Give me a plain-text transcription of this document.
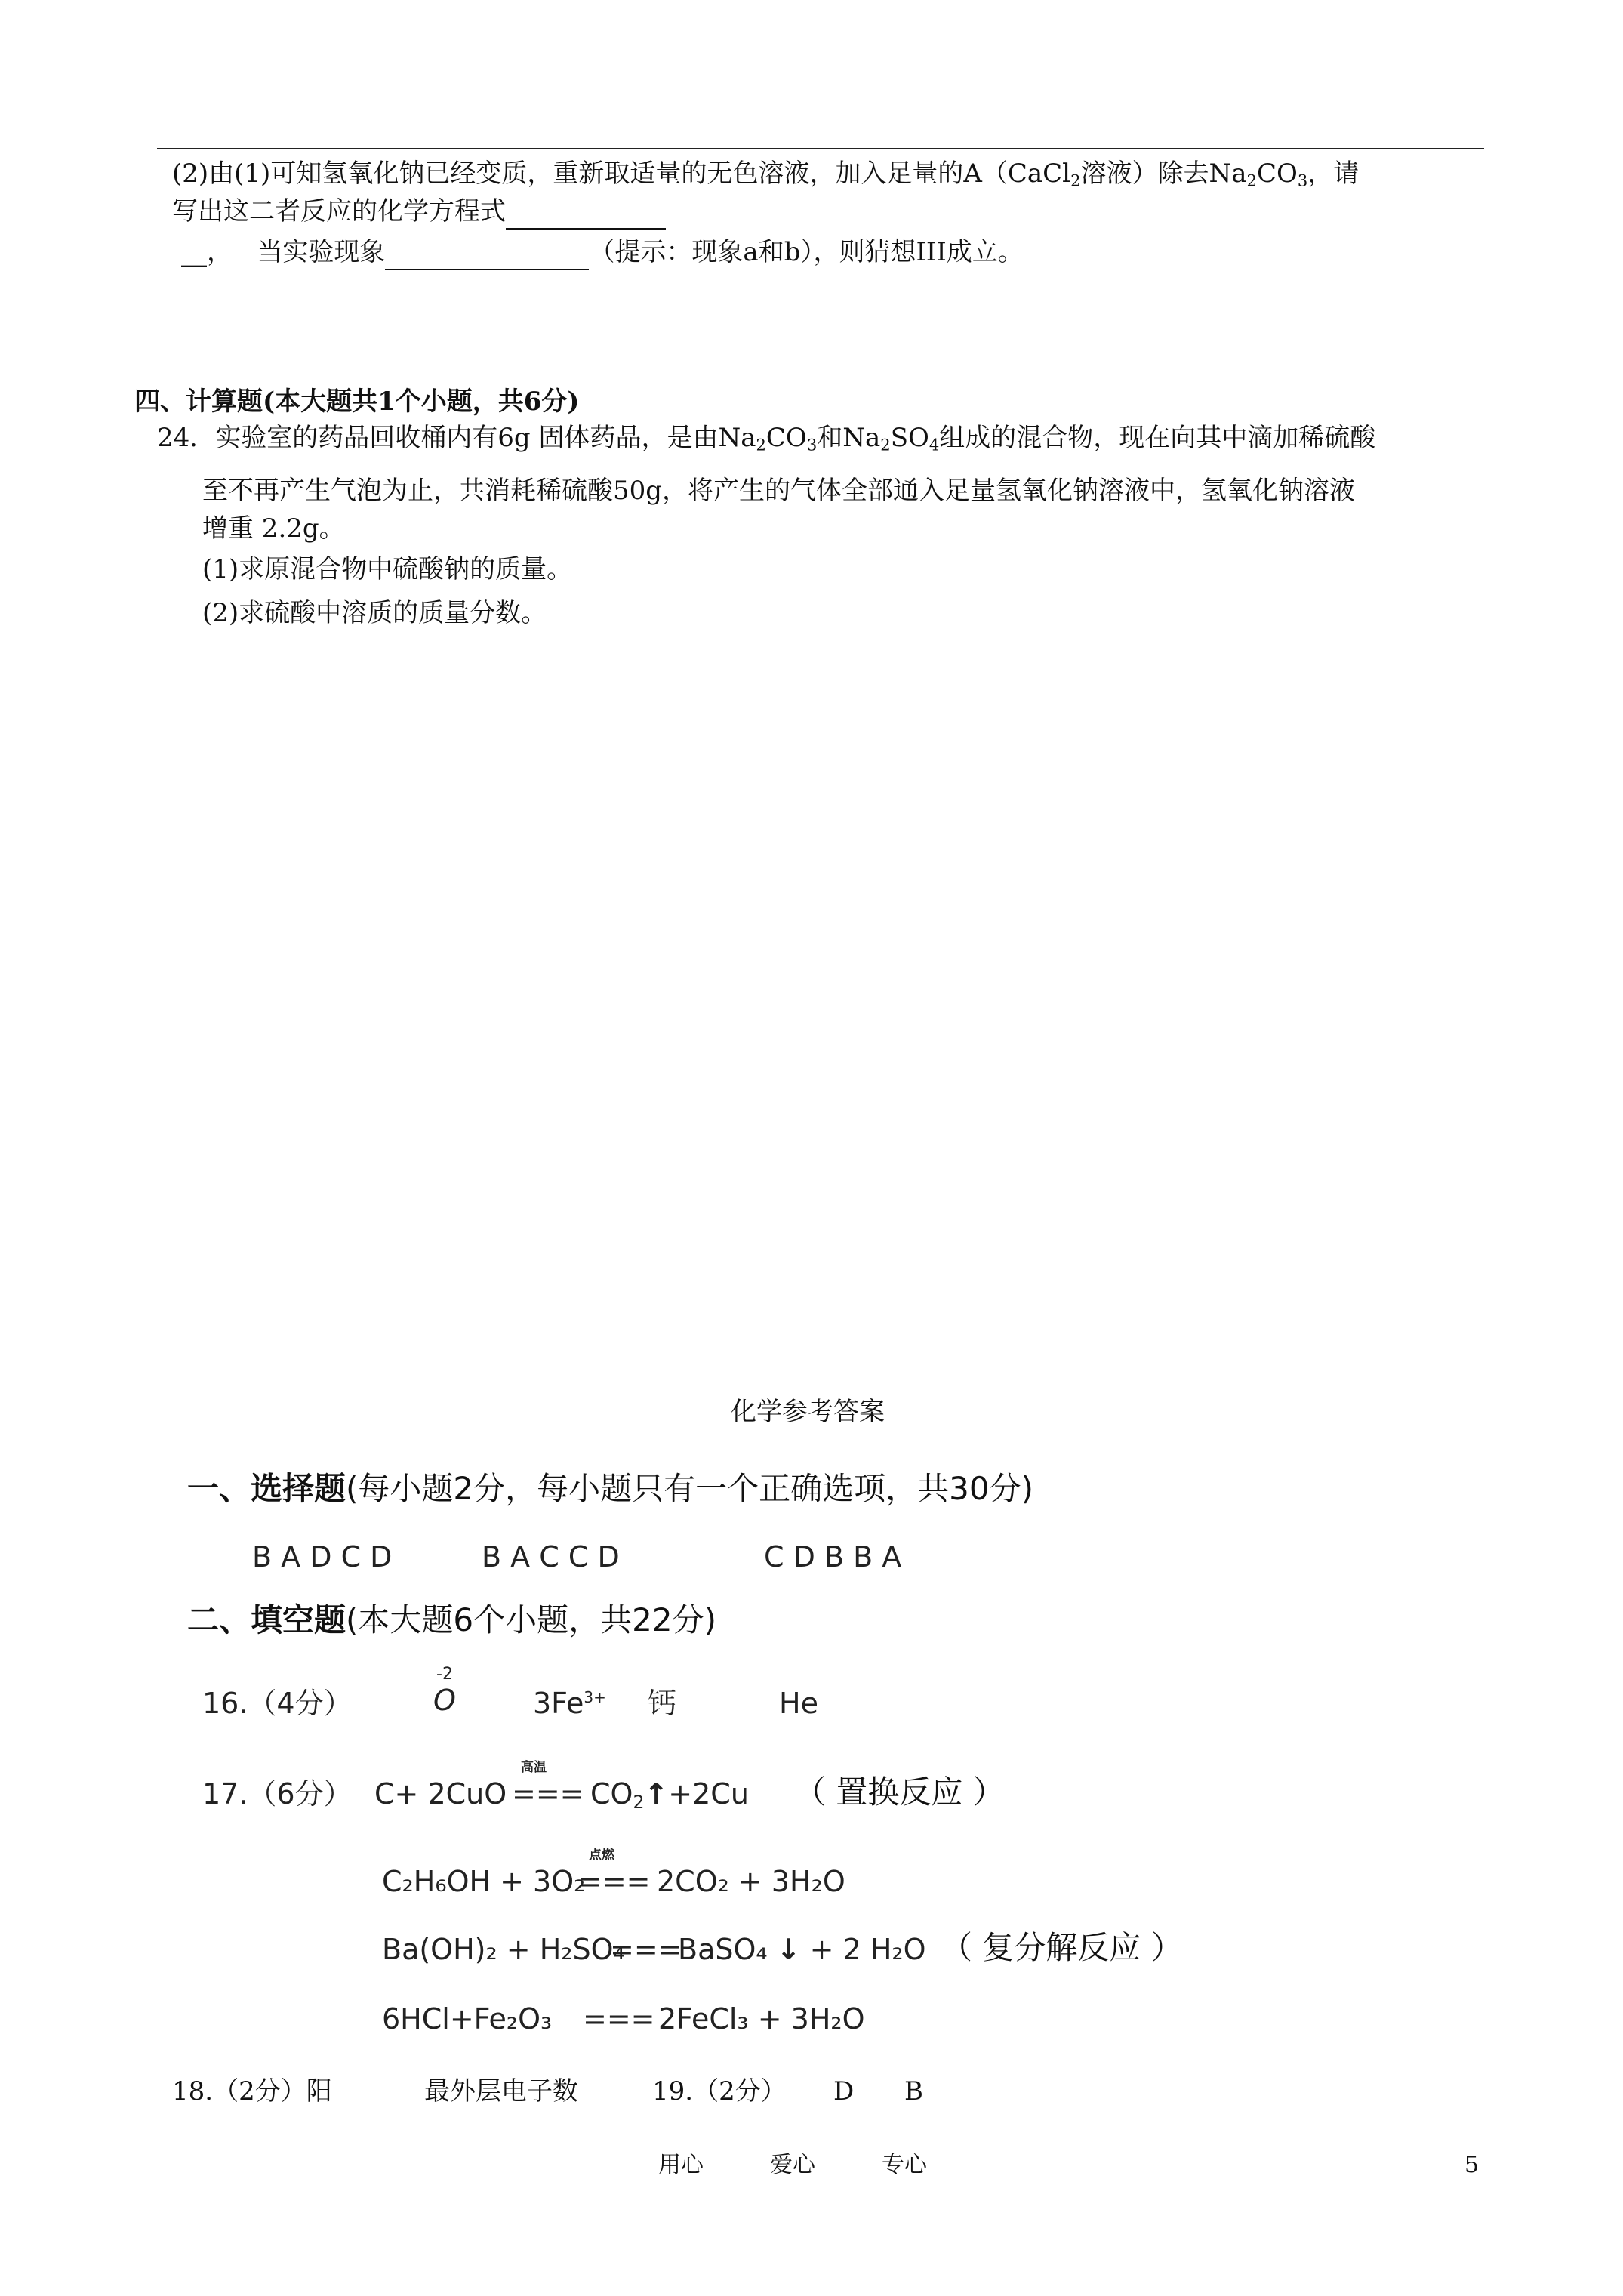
(2)由(1)可知氢氧化钠已经变质，重新取适量的无色溶液，加入足量的A（CaCl$_2$溶液）除去$Na_2CO_3$，请
写出这二者反应的化学方程式
__， 当实验现象	（提示：现象a和b），则猜想III成立。
四、计算题(本大题共1个小题，共6分)
24．实验室的药品回收桶内有6g 固体药品，是由$Na_2CO_3$和$Na_2SO_4$组成的混合物，现在向其中滴加稀硫酸
至不再产生气泡为止，共消耗稀硫酸50g，将产生的气体全部通入足量氢氧化钠溶液中，氢氧化钠溶液
增重 2.2g。
(1)求原混合物中硫酸钠的质量。
(2)求硫酸中溶质的质量分数。
化学参考答案
一、选择题(每小题2分，每小题只有一个正确选项，共30分)
B A D C D	B A C C D	C D B B A
二、填空题(本大题6个小题，共22分)
16.（4分）
-2
O	$3Fe^{3+}$ 钙	He
17.（6分） C+ 2CuO
高温
=== $CO_2↑+2Cu$ （ 置换反应 ）
C₂H₆OH + 3O₂
点燃
=== 2CO₂ + 3H₂O
Ba(OH)₂ + H₂SO₄
===
BaSO₄ ↓ + 2 H₂O （ 复分解反应 ）
6HCl+Fe₂O₃ === 2FeCl₃ + 3H₂O
18.（2分）阳	最外层电子数	19.（2分） D B
用心	爱心	专心	5
